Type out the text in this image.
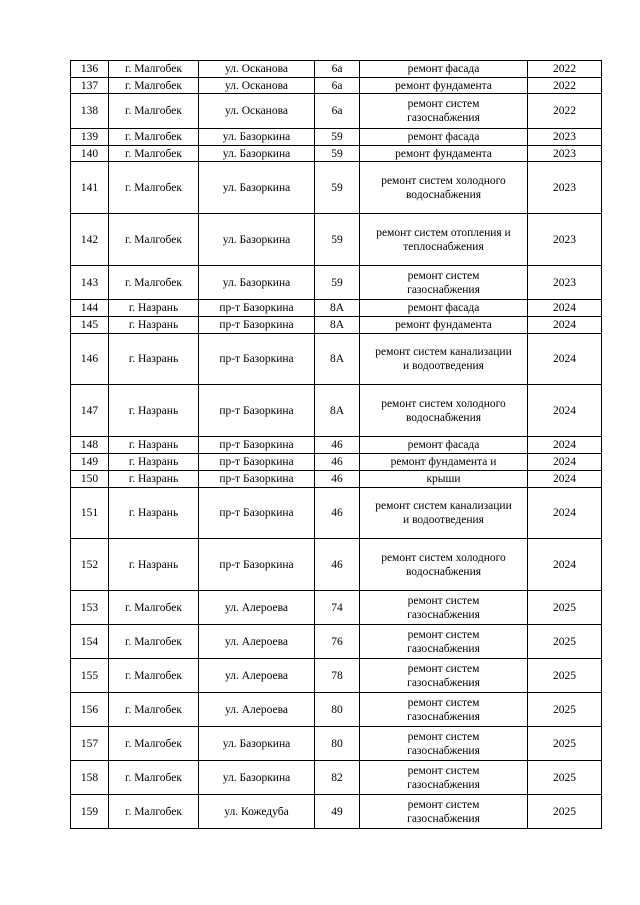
136	г. Малгобек	ул. Осканова	6а	ремонт фасада	2022
137	г. Малгобек	ул. Осканова	6а	ремонт фундамента	2022
138	г. Малгобек	ул. Осканова	6а	ремонт систем
газоснабжения	2022
139	г. Малгобек	ул. Базоркина	59	ремонт фасада	2023
140	г. Малгобек	ул. Базоркина	59	ремонт фундамента	2023
141	г. Малгобек	ул. Базоркина	59	ремонт систем холодного
водоснабжения	2023
142	г. Малгобек	ул. Базоркина	59	ремонт систем отопления и
теплоснабжения	2023
143	г. Малгобек	ул. Базоркина	59	ремонт систем
газоснабжения	2023
144	г. Назрань	пр-т Базоркина	8А	ремонт фасада	2024
145	г. Назрань	пр-т Базоркина	8А	ремонт фундамента	2024
146	г. Назрань	пр-т Базоркина	8А	ремонт систем канализации
и водоотведения	2024
147	г. Назрань	пр-т Базоркина	8А	ремонт систем холодного
водоснабжения	2024
148	г. Назрань	пр-т Базоркина	46	ремонт фасада	2024
149	г. Назрань	пр-т Базоркина	46	ремонт фундамента и	2024
150	г. Назрань	пр-т Базоркина	46	крыши	2024
151	г. Назрань	пр-т Базоркина	46	ремонт систем канализации
и водоотведения	2024
152	г. Назрань	пр-т Базоркина	46	ремонт систем холодного
водоснабжения	2024
153	г. Малгобек	ул. Алероева	74	ремонт систем
газоснабжения	2025
154	г. Малгобек	ул. Алероева	76	ремонт систем
газоснабжения	2025
155	г. Малгобек	ул. Алероева	78	ремонт систем
газоснабжения	2025
156	г. Малгобек	ул. Алероева	80	ремонт систем
газоснабжения	2025
157	г. Малгобек	ул. Базоркина	80	ремонт систем
газоснабжения	2025
158	г. Малгобек	ул. Базоркина	82	ремонт систем
газоснабжения	2025
159	г. Малгобек	ул. Кожедуба	49	ремонт систем
газоснабжения	2025
